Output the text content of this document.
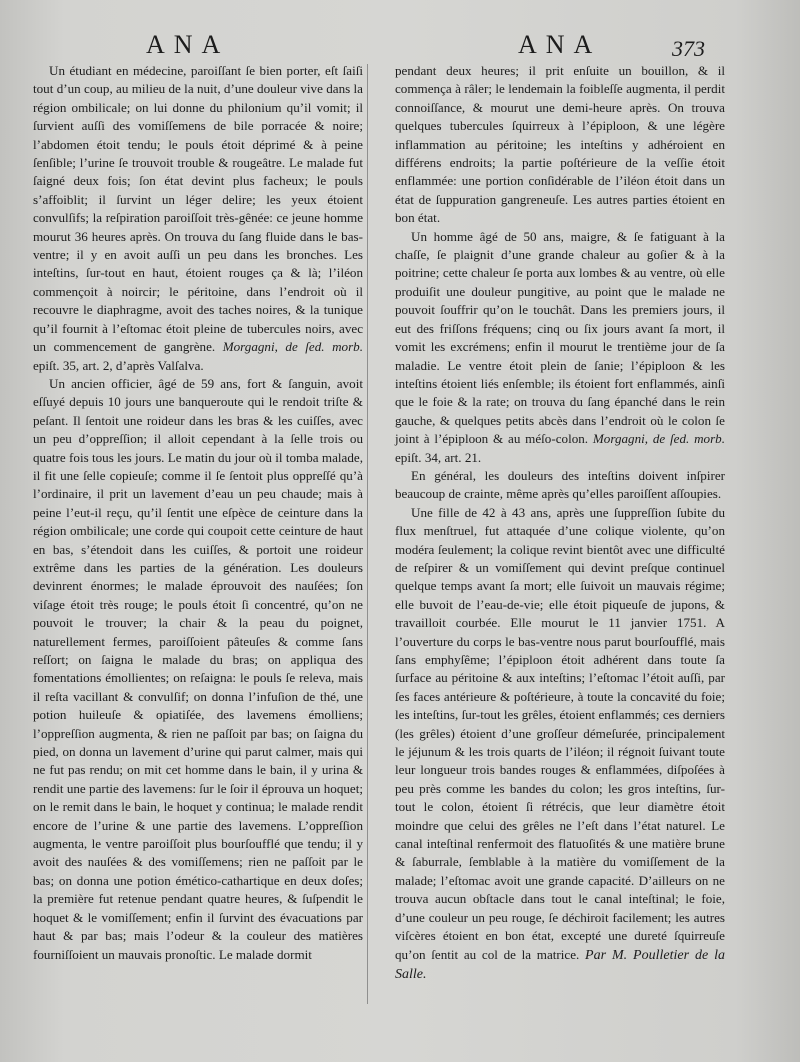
ANA	ANA	373

Un étudiant en médecine, paroiſſant ſe bien porter, eſt ſaiſi tout d’un coup, au milieu de la nuit, d’une douleur vive dans la région ombilicale; on lui donne du philonium qu’il vomit; il ſurvient auſſi des vomiſſemens de bile porracée & noire; l’abdomen étoit tendu; le pouls étoit déprimé & à peine ſenſible; l’urine ſe trouvoit trouble & rougeâtre. Le malade fut ſaigné deux fois; ſon état devint plus facheux; le pouls s’affoiblit; il ſurvint un léger delire; les yeux étoient convulſifs; la reſpiration paroiſſoit très-gênée: ce jeune homme mourut 36 heures après. On trouva du ſang fluide dans le bas-ventre; il y en avoit auſſi un peu dans les bronches. Les inteſtins, ſur-tout en haut, étoient rouges ça & là; l’iléon commençoit à noircir; le péritoine, dans l’endroit où il recouvre le diaphragme, avoit des taches noires, & la tunique qu’il fournit à l’eſtomac étoit pleine de tubercules noirs, avec un commencement de gangrène. Morgagni, de ſed. morb. epiſt. 35, art. 2, d’après Valſalva.

Un ancien officier, âgé de 59 ans, fort & ſanguin, avoit eſſuyé depuis 10 jours une banqueroute qui le rendoit triſte & peſant. Il ſentoit une roideur dans les bras & les cuiſſes, avec un peu d’oppreſſion; il alloit cependant à la ſelle trois ou quatre fois tous les jours. Le matin du jour où il tomba malade, il fit une ſelle copieuſe; comme il ſe ſentoit plus oppreſſé qu’à l’ordinaire, il prit un lavement d’eau un peu chaude; mais à peine l’eut-il reçu, qu’il ſentit une eſpèce de ceinture dans la région ombilicale; une corde qui coupoit cette ceinture de haut en bas, s’étendoit dans les cuiſſes, & portoit une roideur extrême dans les parties de la génération. Les douleurs devinrent énormes; le malade éprouvoit des nauſées; ſon viſage étoit très rouge; le pouls étoit ſi concentré, qu’on ne pouvoit le trouver; la chair & la peau du poignet, naturellement fermes, paroiſſoient pâteuſes & comme ſans reſſort; on ſaigna le malade du bras; on appliqua des fomentations émollientes; on reſaigna: le pouls ſe releva, mais il reſta vacillant & convulſif; on donna l’infuſion de thé, une potion huileuſe & opiatiſée, des lavemens émolliens; l’oppreſſion augmenta, & rien ne paſſoit par bas; on ſaigna du pied, on donna un lavement d’urine qui parut calmer, mais qui ne fut pas rendu; on mit cet homme dans le bain, il y urina & rendit une partie des lavemens: ſur le ſoir il éprouva un hoquet; on le remit dans le bain, le hoquet y continua; le malade rendit encore de l’urine & une partie des lavemens. L’oppreſſion augmenta, le ventre paroiſſoit plus bourſoufflé que tendu; il y avoit des nauſées & des vomiſſemens; rien ne paſſoit par le bas; on donna une potion émético-cathartique en deux doſes; la première fut retenue pendant quatre heures, & ſuſpendit le hoquet & le vomiſſement; enfin il ſurvint des évacuations par haut & par bas; mais l’odeur & la couleur des matières fourniſſoient un mauvais pronoſtic. Le malade dormit

pendant deux heures; il prit enſuite un bouillon, & il commença à râler; le lendemain la foibleſſe augmenta, il perdit connoiſſance, & mourut une demi-heure après. On trouva quelques tubercules ſquirreux à l’épiploon, & une légère inflammation au péritoine; les inteſtins y adhéroient en différens endroits; la partie poſtérieure de la veſſie étoit enflammée: une portion conſidérable de l’iléon étoit dans un état de ſuppuration gangreneuſe. Les autres parties étoient en bon état.

Un homme âgé de 50 ans, maigre, & ſe fatiguant à la chaſſe, ſe plaignit d’une grande chaleur au goſier & à la poitrine; cette chaleur ſe porta aux lombes & au ventre, où elle produiſit une douleur pungitive, au point que le malade ne pouvoit ſouffrir qu’on le touchât. Dans les premiers jours, il eut des friſſons fréquens; cinq ou ſix jours avant ſa mort, il vomit les excrémens; enfin il mourut le trentième jour de ſa maladie. Le ventre étoit plein de ſanie; l’épiploon & les inteſtins étoient liés enſemble; ils étoient fort enflammés, ainſi que le foie & la rate; on trouva du ſang épanché dans le rein gauche, & quelques petits abcès dans l’endroit où le colon ſe joint à l’épiploon & au méſo-colon. Morgagni, de ſed. morb. epiſt. 34, art. 21.

En général, les douleurs des inteſtins doivent inſpirer beaucoup de crainte, même après qu’elles paroiſſent aſſoupies.

Une fille de 42 à 43 ans, après une ſuppreſſion ſubite du flux menſtruel, fut attaquée d’une colique violente, qu’on modéra ſeulement; la colique revint bientôt avec une difficulté de reſpirer & un vomiſſement qui devint preſque continuel quelque temps avant ſa mort; elle ſuivoit un mauvais régime; elle buvoit de l’eau-de-vie; elle étoit piqueuſe de jupons, & travailloit courbée. Elle mourut le 11 janvier 1751. A l’ouverture du corps le bas-ventre nous parut bourſoufflé, mais ſans emphyſême; l’épiploon étoit adhérent dans toute ſa ſurface au péritoine & aux inteſtins; l’eſtomac l’étoit auſſi, par ſes faces antérieure & poſtérieure, à toute la concavité du foie; les inteſtins, ſur-tout les grêles, étoient enflammés; ces derniers (les grêles) étoient d’une groſſeur démeſurée, principalement le jéjunum & les trois quarts de l’iléon; il régnoit ſuivant toute leur longueur trois bandes rouges & enflammées, diſpoſées à peu près comme les bandes du colon; les gros inteſtins, ſur-tout le colon, étoient ſi rétrécis, que leur diamètre étoit moindre que celui des grêles ne l’eſt dans l’état naturel. Le canal inteſtinal renfermoit des flatuoſités & une matière brune & ſaburrale, ſemblable à la matière du vomiſſement de la malade; l’eſtomac avoit une grande capacité. D’ailleurs on ne trouva aucun obſtacle dans tout le canal inteſtinal; le foie, d’une couleur un peu rouge, ſe déchiroit facilement; les autres viſcères étoient en bon état, excepté une dureté ſquirreuſe qu’on ſentit au col de la matrice. Par M. Poulletier de la Salle.
